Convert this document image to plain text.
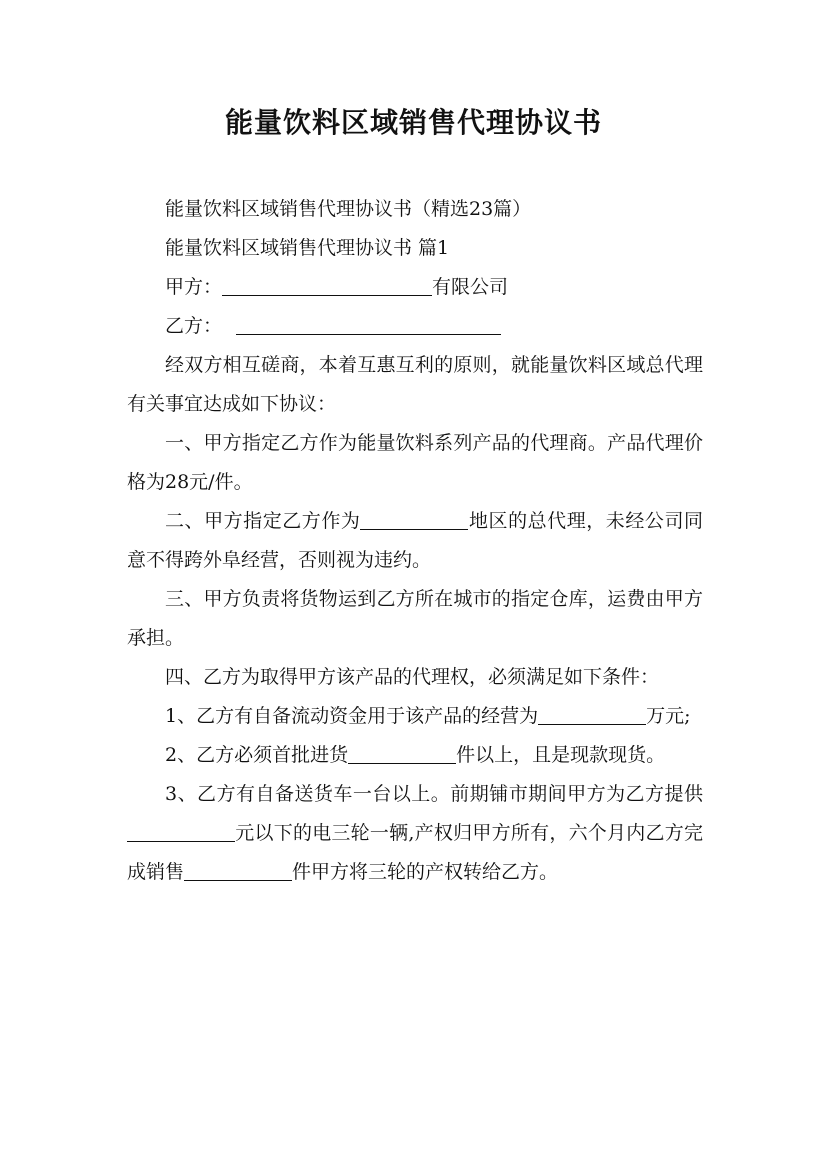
能量饮料区域销售代理协议书

能量饮料区域销售代理协议书（精选23篇）

能量饮料区域销售代理协议书 篇1

甲方：	有限公司

乙方：

经双方相互磋商，本着互惠互利的原则，就能量饮料区域总代理有关事宜达成如下协议：

一、甲方指定乙方作为能量饮料系列产品的代理商。产品代理价格为28元/件。

二、甲方指定乙方作为	地区的总代理，未经公司同意不得跨外阜经营，否则视为违约。

三、甲方负责将货物运到乙方所在城市的指定仓库，运费由甲方承担。

四、乙方为取得甲方该产品的代理权，必须满足如下条件：

1、乙方有自备流动资金用于该产品的经营为	万元;

2、乙方必须首批进货	件以上，且是现款现货。

3、乙方有自备送货车一台以上。前期铺市期间甲方为乙方提供元以下的电三轮一辆,产权归甲方所有，六个月内乙方完成销售	件甲方将三轮的产权转给乙方。
